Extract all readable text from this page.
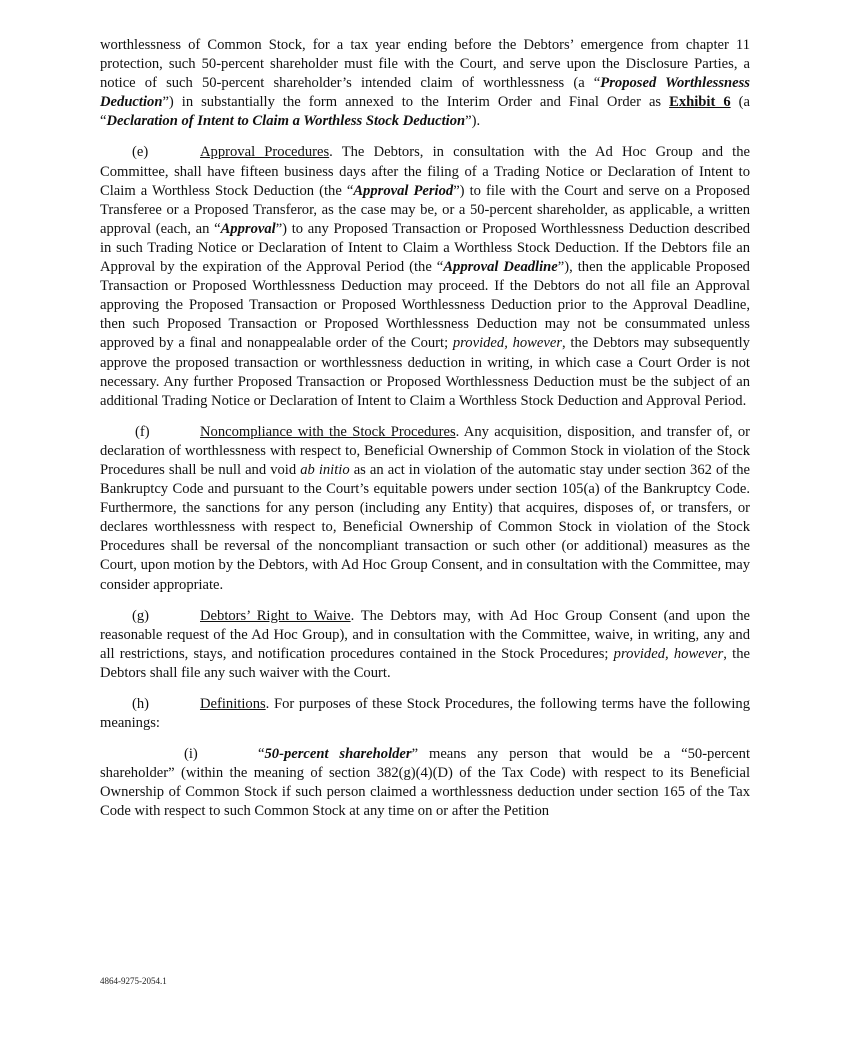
worthlessness of Common Stock, for a tax year ending before the Debtors’ emergence from chapter 11 protection, such 50-percent shareholder must file with the Court, and serve upon the Disclosure Parties, a notice of such 50-percent shareholder’s intended claim of worthlessness (a “Proposed Worthlessness Deduction”) in substantially the form annexed to the Interim Order and Final Order as Exhibit 6 (a “Declaration of Intent to Claim a Worthless Stock Deduction”).

(e)	Approval Procedures. The Debtors, in consultation with the Ad Hoc Group and the Committee, shall have fifteen business days after the filing of a Trading Notice or Declaration of Intent to Claim a Worthless Stock Deduction (the “Approval Period”) to file with the Court and serve on a Proposed Transferee or a Proposed Transferor, as the case may be, or a 50-percent shareholder, as applicable, a written approval (each, an “Approval”) to any Proposed Transaction or Proposed Worthlessness Deduction described in such Trading Notice or Declaration of Intent to Claim a Worthless Stock Deduction. If the Debtors file an Approval by the expiration of the Approval Period (the “Approval Deadline”), then the applicable Proposed Transaction or Proposed Worthlessness Deduction may proceed. If the Debtors do not all file an Approval approving the Proposed Transaction or Proposed Worthlessness Deduction prior to the Approval Deadline, then such Proposed Transaction or Proposed Worthlessness Deduction may not be consummated unless approved by a final and nonappealable order of the Court; provided, however, the Debtors may subsequently approve the proposed transaction or worthlessness deduction in writing, in which case a Court Order is not necessary. Any further Proposed Transaction or Proposed Worthlessness Deduction must be the subject of an additional Trading Notice or Declaration of Intent to Claim a Worthless Stock Deduction and Approval Period.

(f)	Noncompliance with the Stock Procedures. Any acquisition, disposition, and transfer of, or declaration of worthlessness with respect to, Beneficial Ownership of Common Stock in violation of the Stock Procedures shall be null and void ab initio as an act in violation of the automatic stay under section 362 of the Bankruptcy Code and pursuant to the Court’s equitable powers under section 105(a) of the Bankruptcy Code. Furthermore, the sanctions for any person (including any Entity) that acquires, disposes of, or transfers, or declares worthlessness with respect to, Beneficial Ownership of Common Stock in violation of the Stock Procedures shall be reversal of the noncompliant transaction or such other (or additional) measures as the Court, upon motion by the Debtors, with Ad Hoc Group Consent, and in consultation with the Committee, may consider appropriate.

(g)	Debtors’ Right to Waive. The Debtors may, with Ad Hoc Group Consent (and upon the reasonable request of the Ad Hoc Group), and in consultation with the Committee, waive, in writing, any and all restrictions, stays, and notification procedures contained in the Stock Procedures; provided, however, the Debtors shall file any such waiver with the Court.

(h)	Definitions. For purposes of these Stock Procedures, the following terms have the following meanings:

(i)	“50-percent shareholder” means any person that would be a “50-percent shareholder” (within the meaning of section 382(g)(4)(D) of the Tax Code) with respect to its Beneficial Ownership of Common Stock if such person claimed a worthlessness deduction under section 165 of the Tax Code with respect to such Common Stock at any time on or after the Petition

4864-9275-2054.1
